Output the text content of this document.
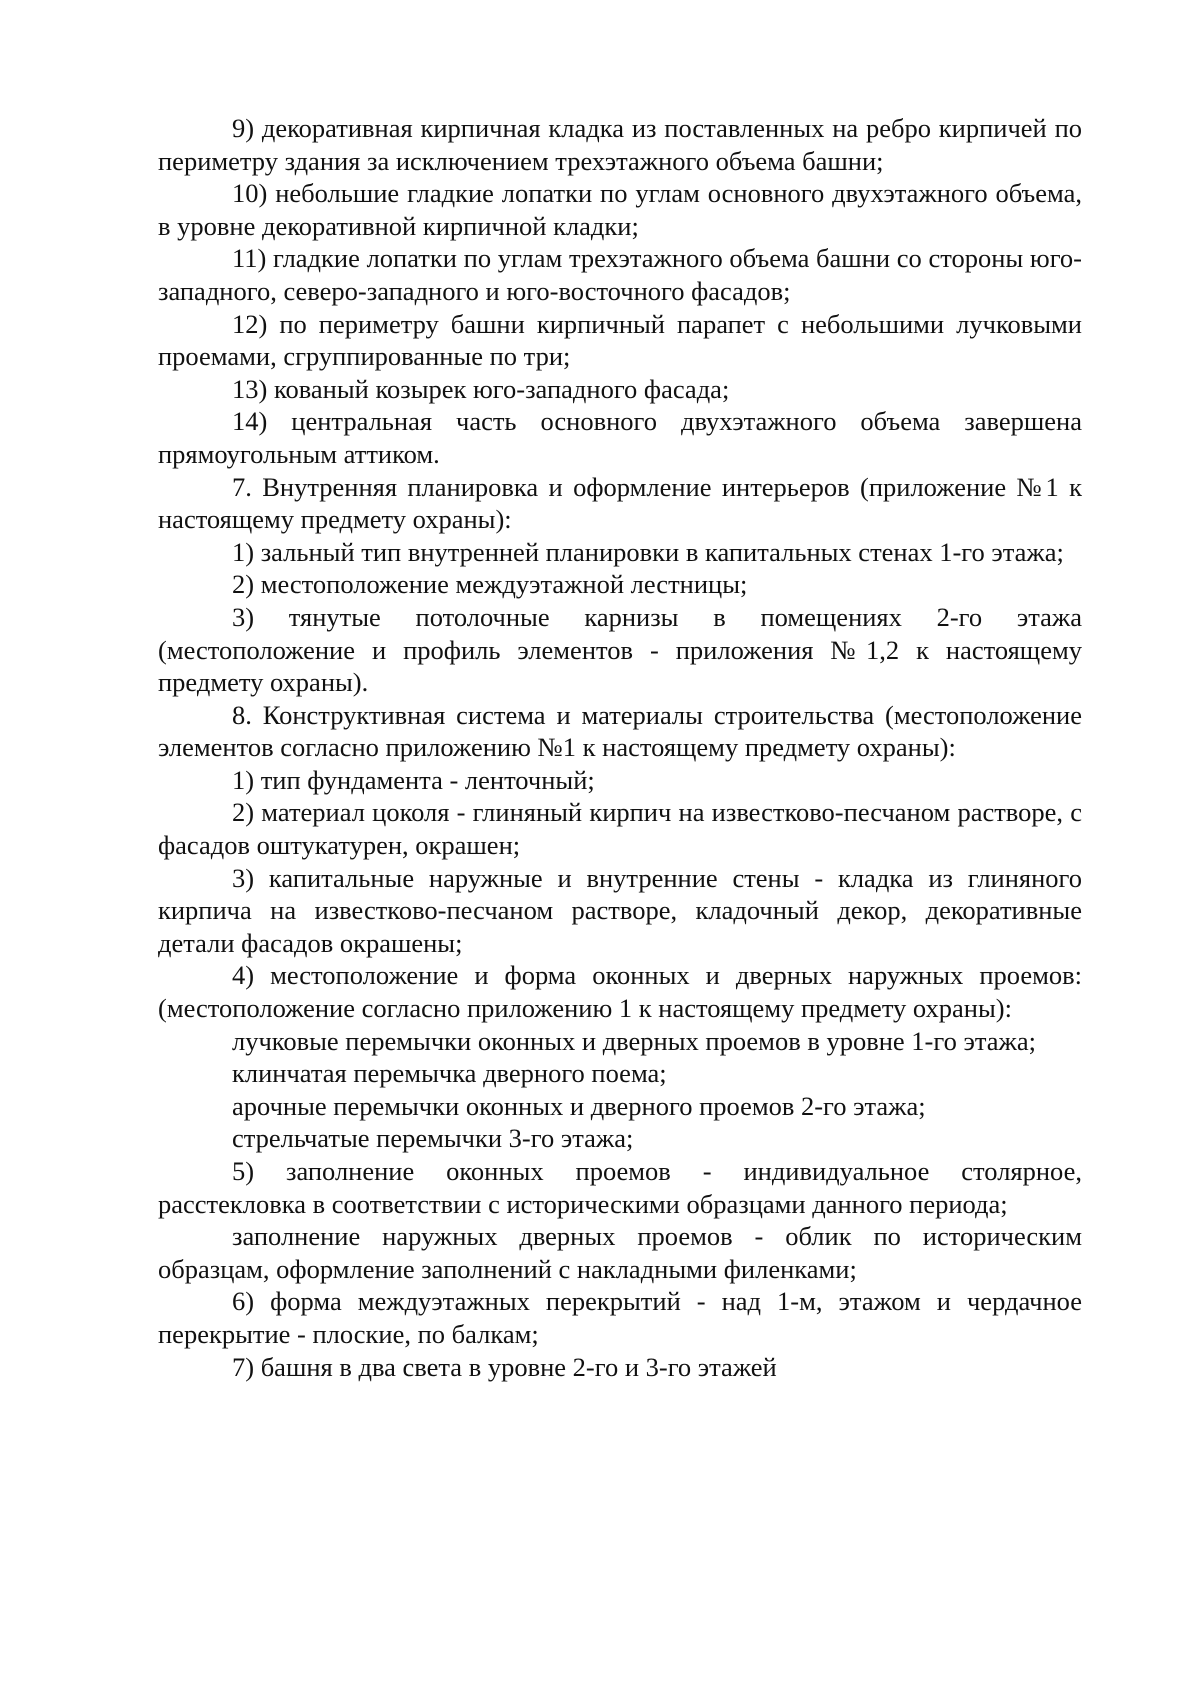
9) декоративная кирпичная кладка из поставленных на ребро кирпичей по периметру здания за исключением трехэтажного объема башни;

10) небольшие гладкие лопатки по углам основного двухэтажного объема, в уровне декоративной кирпичной кладки;

11) гладкие лопатки по углам трехэтажного объема башни со стороны юго-западного, северо-западного и юго-восточного фасадов;

12) по периметру башни кирпичный парапет с небольшими лучковыми проемами, сгруппированные по три;

13) кованый козырек юго-западного фасада;

14) центральная часть основного двухэтажного объема завершена прямоугольным аттиком.

7. Внутренняя планировка и оформление интерьеров (приложение №1 к настоящему предмету охраны):

1) зальный тип внутренней планировки в капитальных стенах 1-го этажа;

2) местоположение междуэтажной лестницы;

3) тянутые потолочные карнизы в помещениях 2-го этажа (местоположение и профиль элементов - приложения №1,2 к настоящему предмету охраны).

8. Конструктивная система и материалы строительства (местоположение элементов согласно приложению №1 к настоящему предмету охраны):

1) тип фундамента - ленточный;

2) материал цоколя - глиняный кирпич на известково-песчаном растворе, с фасадов оштукатурен, окрашен;

3) капитальные наружные и внутренние стены - кладка из глиняного кирпича на известково-песчаном растворе, кладочный декор, декоративные детали фасадов окрашены;

4) местоположение и форма оконных и дверных наружных проемов: (местоположение согласно приложению 1 к настоящему предмету охраны):

лучковые перемычки оконных и дверных проемов в уровне 1-го этажа;

клинчатая перемычка дверного поема;

арочные перемычки оконных и дверного проемов 2-го этажа;

стрельчатые перемычки 3-го этажа;

5) заполнение оконных проемов - индивидуальное столярное, расстекловка в соответствии с историческими образцами данного периода;

заполнение наружных дверных проемов - облик по историческим образцам, оформление заполнений с накладными филенками;

6) форма междуэтажных перекрытий - над 1-м, этажом и чердачное перекрытие - плоские, по балкам;

7) башня в два света в уровне 2-го и 3-го этажей
